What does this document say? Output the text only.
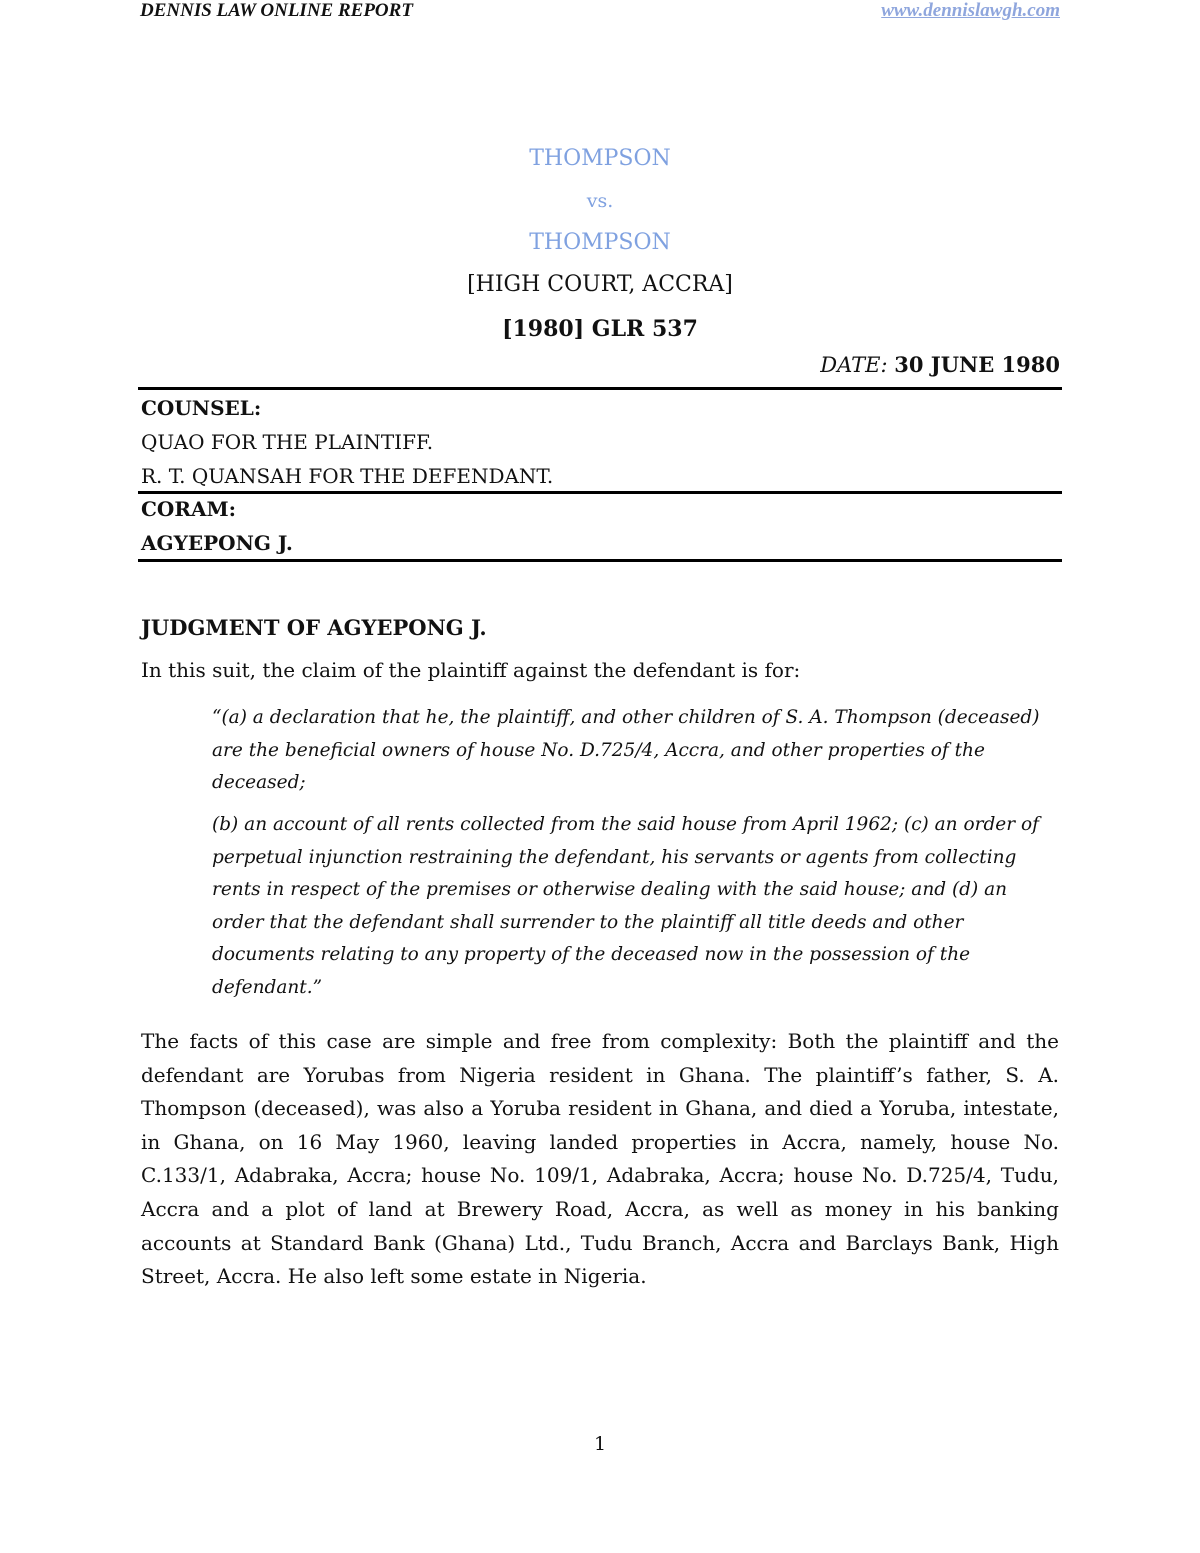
DENNIS LAW ONLINE REPORT	www.dennislawgh.com
THOMPSON
vs.
THOMPSON
[HIGH COURT, ACCRA]
[1980] GLR 537
DATE: 30 JUNE 1980
COUNSEL:
QUAO FOR THE PLAINTIFF.
R. T. QUANSAH FOR THE DEFENDANT.
CORAM:
AGYEPONG J.
JUDGMENT OF AGYEPONG J.
In this suit, the claim of the plaintiff against the defendant is for:
“(a) a declaration that he, the plaintiff, and other children of S. A. Thompson (deceased) are the beneficial owners of house No. D.725/4, Accra, and other properties of the deceased;
(b) an account of all rents collected from the said house from April 1962; (c) an order of perpetual injunction restraining the defendant, his servants or agents from collecting rents in respect of the premises or otherwise dealing with the said house; and (d) an order that the defendant shall surrender to the plaintiff all title deeds and other documents relating to any property of the deceased now in the possession of the defendant.”
The facts of this case are simple and free from complexity: Both the plaintiff and the defendant are Yorubas from Nigeria resident in Ghana. The plaintiff’s father, S. A. Thompson (deceased), was also a Yoruba resident in Ghana, and died a Yoruba, intestate, in Ghana, on 16 May 1960, leaving landed properties in Accra, namely, house No. C.133/1, Adabraka, Accra; house No. 109/1, Adabraka, Accra; house No. D.725/4, Tudu, Accra and a plot of land at Brewery Road, Accra, as well as money in his banking accounts at Standard Bank (Ghana) Ltd., Tudu Branch, Accra and Barclays Bank, High Street, Accra. He also left some estate in Nigeria.
1
